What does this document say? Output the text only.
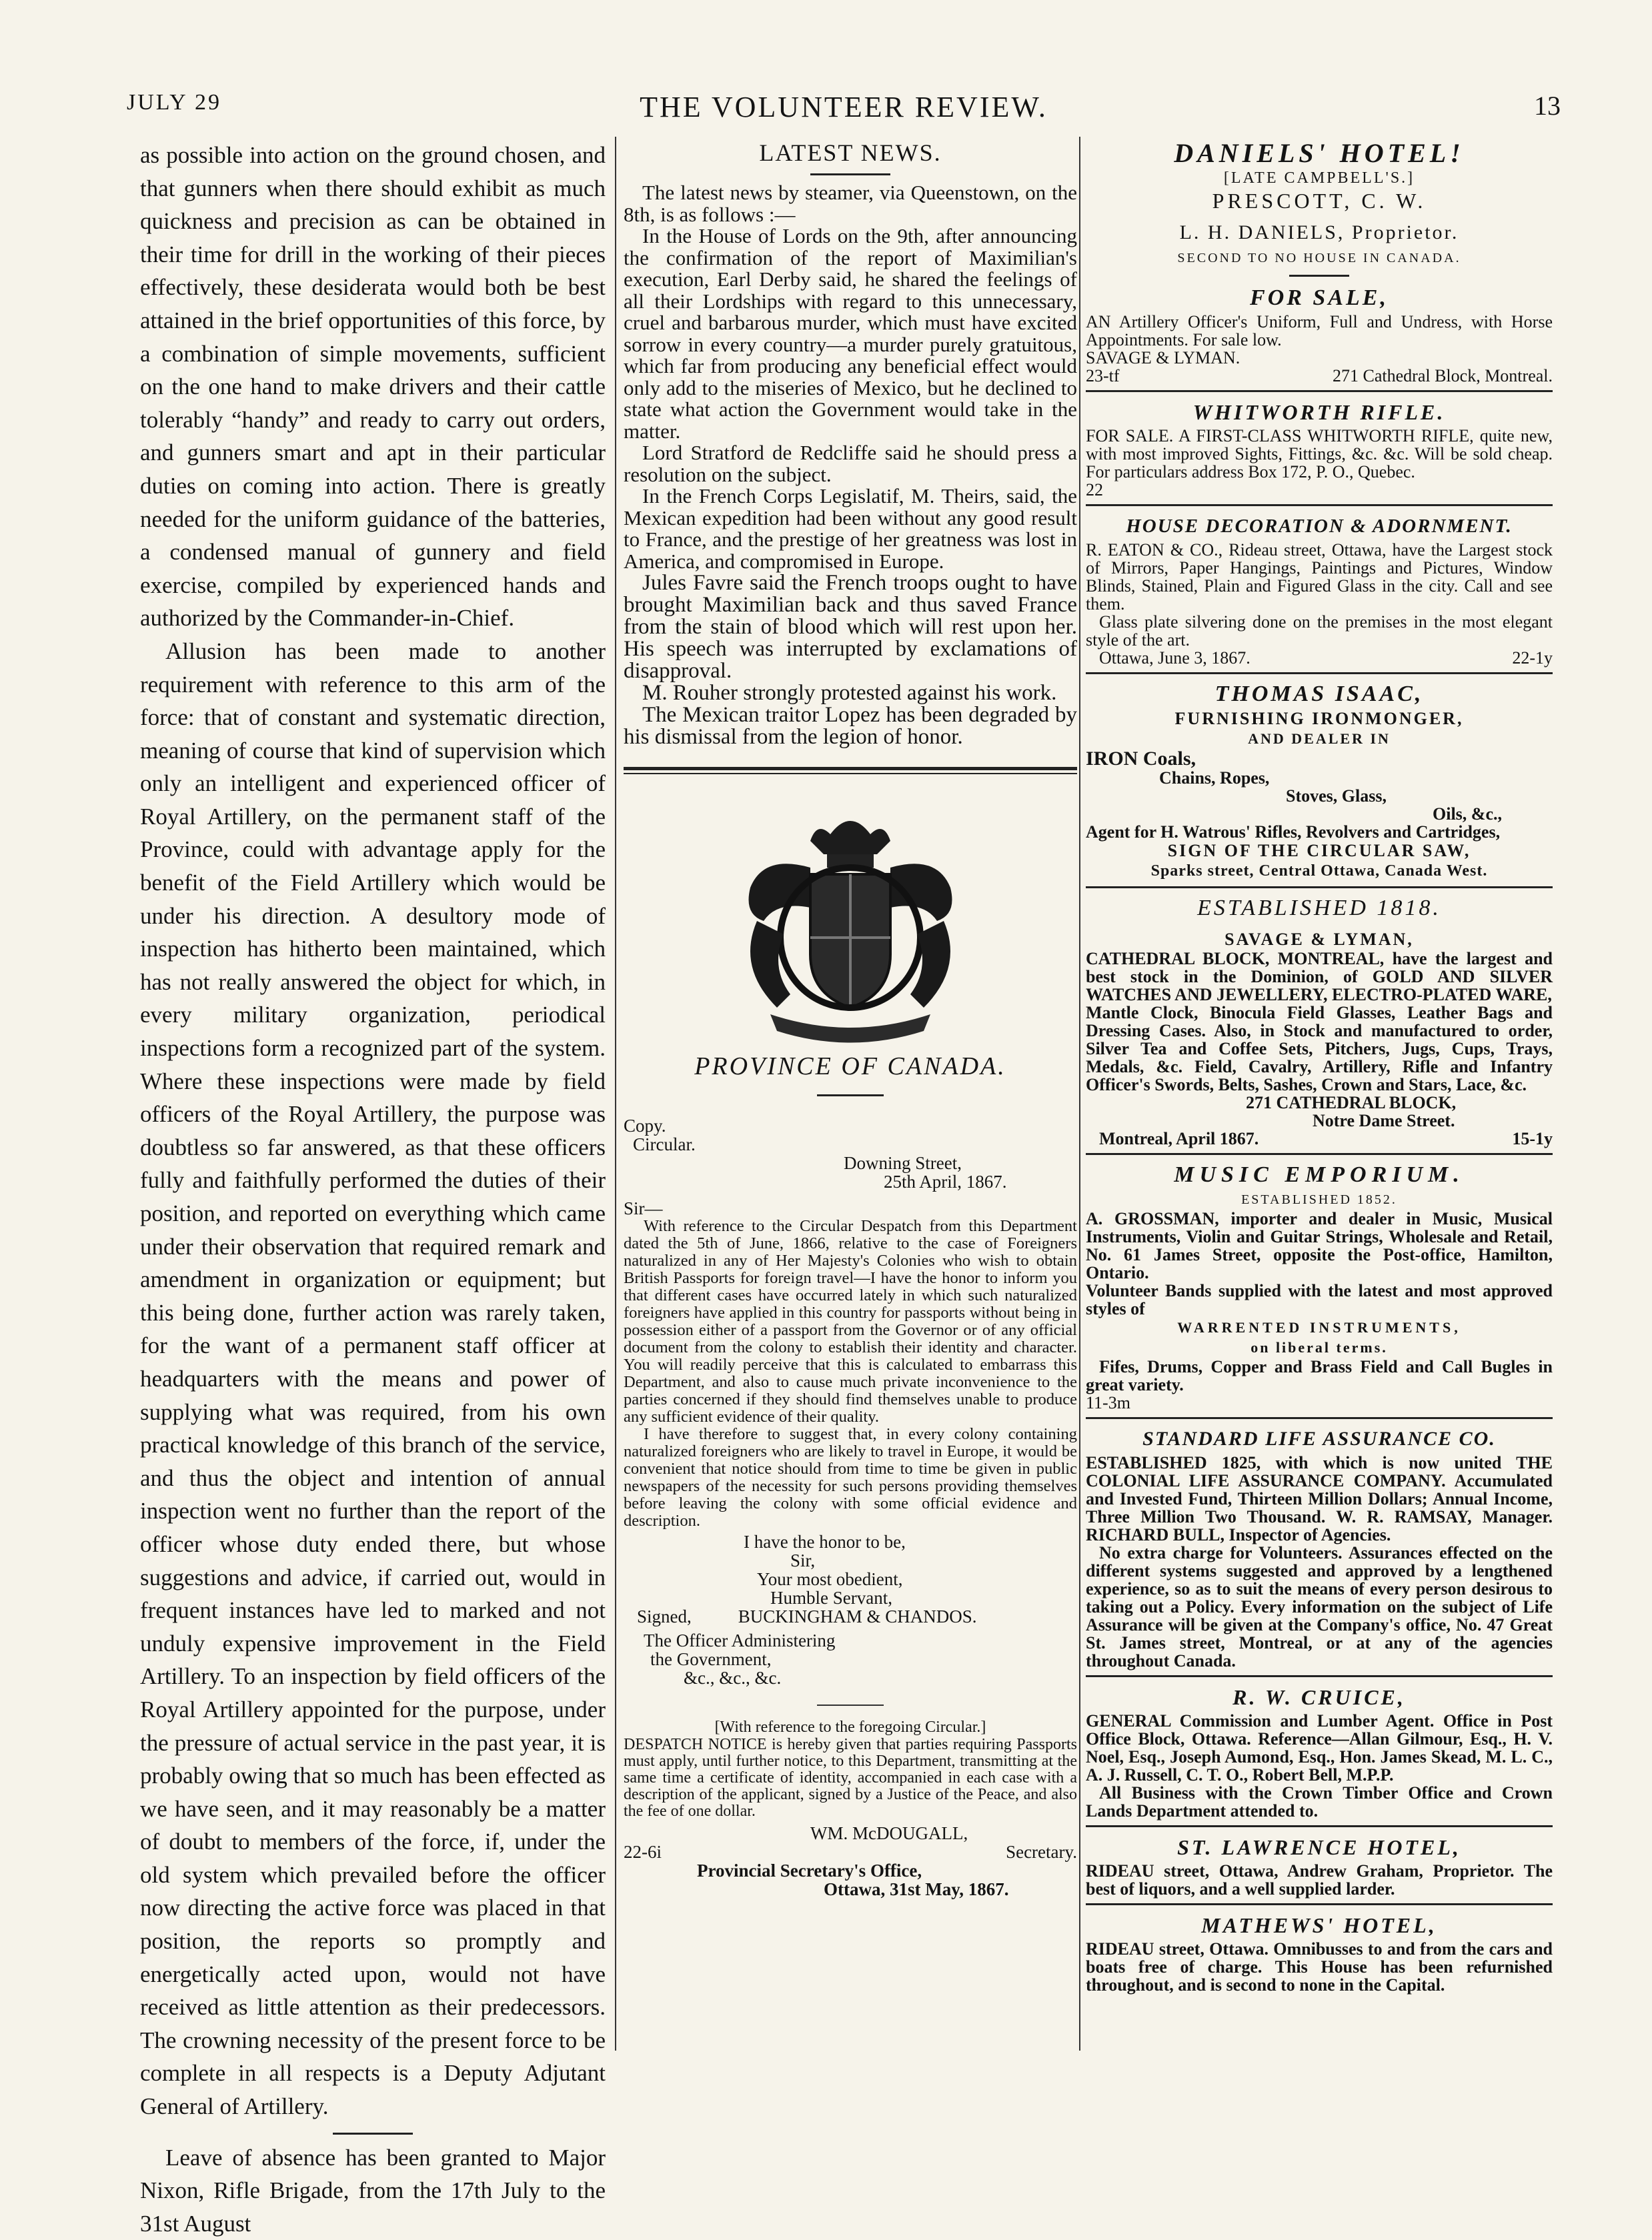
JULY 29	THE VOLUNTEER REVIEW.	13

as possible into action on the ground chosen, and that gunners when there should exhibit as much quickness and precision as can be obtained in their time for drill in the working of their pieces effectively, these desiderata would both be best attained in the brief opportunities of this force, by a combination of simple movements, sufficient on the one hand to make drivers and their cattle tolerably “handy” and ready to carry out orders, and gunners smart and apt in their particular duties on coming into action. There is greatly needed for the uniform guidance of the batteries, a condensed manual of gunnery and field exercise, compiled by experienced hands and authorized by the Commander-in-Chief.

Allusion has been made to another requirement with reference to this arm of the force: that of constant and systematic direction, meaning of course that kind of supervision which only an intelligent and experienced officer of Royal Artillery, on the permanent staff of the Province, could with advantage apply for the benefit of the Field Artillery which would be under his direction. A desultory mode of inspection has hitherto been maintained, which has not really answered the object for which, in every military organization, periodical inspections form a recognized part of the system. Where these inspections were made by field officers of the Royal Artillery, the purpose was doubtless so far answered, as that these officers fully and faithfully performed the duties of their position, and reported on everything which came under their observation that required remark and amendment in organization or equipment; but this being done, further action was rarely taken, for the want of a permanent staff officer at headquarters with the means and power of supplying what was required, from his own practical knowledge of this branch of the service, and thus the object and intention of annual inspection went no further than the report of the officer whose duty ended there, but whose suggestions and advice, if carried out, would in frequent instances have led to marked and not unduly expensive improvement in the Field Artillery. To an inspection by field officers of the Royal Artillery appointed for the purpose, under the pressure of actual service in the past year, it is probably owing that so much has been effected as we have seen, and it may reasonably be a matter of doubt to members of the force, if, under the old system which prevailed before the officer now directing the active force was placed in that position, the reports so promptly and energetically acted upon, would not have received as little attention as their predecessors. The crowning necessity of the present force to be complete in all respects is a Deputy Adjutant General of Artillery.

Leave of absence has been granted to Major Nixon, Rifle Brigade, from the 17th July to the 31st August

LATEST NEWS.

The latest news by steamer, via Queenstown, on the 8th, is as follows :—

In the House of Lords on the 9th, after announcing the confirmation of the report of Maximilian's execution, Earl Derby said, he shared the feelings of all their Lordships with regard to this unnecessary, cruel and barbarous murder, which must have excited sorrow in every country—a murder purely gratuitous, which far from producing any beneficial effect would only add to the miseries of Mexico, but he declined to state what action the Government would take in the matter.

Lord Stratford de Redcliffe said he should press a resolution on the subject.

In the French Corps Legislatif, M. Theirs, said, the Mexican expedition had been without any good result to France, and the prestige of her greatness was lost in America, and compromised in Europe.

Jules Favre said the French troops ought to have brought Maximilian back and thus saved France from the stain of blood which will rest upon her. His speech was interrupted by exclamations of disapproval.

M. Rouher strongly protested against his work.

The Mexican traitor Lopez has been degraded by his dismissal from the legion of honor.

PROVINCE OF CANADA.
Copy.
Circular.
Downing Street,
25th April, 1867.
Sir—

With reference to the Circular Despatch from this Department dated the 5th of June, 1866, relative to the case of Foreigners naturalized in any of Her Majesty's Colonies who wish to obtain British Passports for foreign travel—I have the honor to inform you that different cases have occurred lately in which such naturalized foreigners have applied in this country for passports without being in possession either of a passport from the Governor or of any official document from the colony to establish their identity and character. You will readily perceive that this is calculated to embarrass this Department, and also to cause much private inconvenience to the parties concerned if they should find themselves unable to produce any sufficient evidence of their quality.

I have therefore to suggest that, in every colony containing naturalized foreigners who are likely to travel in Europe, it would be convenient that notice should from time to time be given in public newspapers of the necessity for such persons providing themselves before leaving the colony with some official evidence and description.

I have the honor to be,
Sir,
Your most obedient,
Humble Servant,
Signed,	BUCKINGHAM & CHANDOS.
The Officer Administering
the Government,
&c., &c., &c.
[With reference to the foregoing Circular.]

DESPATCH NOTICE is hereby given that parties requiring Passports must apply, until further notice, to this Department, transmitting at the same time a certificate of identity, accompanied in each case with a description of the applicant, signed by a Justice of the Peace, and also the fee of one dollar.

WM. McDOUGALL,
22-6i	Secretary.
Provincial Secretary's Office,
Ottawa, 31st May, 1867.
DANIELS' HOTEL!
[LATE CAMPBELL'S.]
PRESCOTT, C. W.
L. H. DANIELS, Proprietor.
SECOND TO NO HOUSE IN CANADA.
FOR SALE,

AN Artillery Officer's Uniform, Full and Undress, with Horse Appointments. For sale low.

SAVAGE & LYMAN.
23-tf	271 Cathedral Block, Montreal.
WHITWORTH RIFLE.

FOR SALE. A FIRST-CLASS WHITWORTH RIFLE, quite new, with most improved Sights, Fittings, &c. &c. Will be sold cheap. For particulars address Box 172, P. O., Quebec.

22
HOUSE DECORATION & ADORNMENT.

R. EATON & CO., Rideau street, Ottawa, have the Largest stock of Mirrors, Paper Hangings, Paintings and Pictures, Window Blinds, Stained, Plain and Figured Glass in the city. Call and see them.

Glass plate silvering done on the premises in the most elegant style of the art.

Ottawa, June 3, 1867.	22-1y
THOMAS ISAAC,
FURNISHING IRONMONGER,
AND DEALER IN
IRON Coals,
Chains, Ropes,
Stoves, Glass,
Oils, &c.,

Agent for H. Watrous' Rifles, Revolvers and Cartridges,

SIGN OF THE CIRCULAR SAW,
Sparks street, Central Ottawa, Canada West.
ESTABLISHED 1818.
SAVAGE & LYMAN,

CATHEDRAL BLOCK, MONTREAL, have the largest and best stock in the Dominion, of GOLD AND SILVER WATCHES AND JEWELLERY, ELECTRO-PLATED WARE,

Mantle Clock, Binocula Field Glasses, Leather Bags and Dressing Cases. Also, in Stock and manufactured to order, Silver Tea and Coffee Sets, Pitchers, Jugs, Cups, Trays, Medals, &c. Field, Cavalry, Artillery, Rifle and Infantry Officer's Swords, Belts, Sashes, Crown and Stars, Lace, &c.

271 CATHEDRAL BLOCK,
Notre Dame Street.
Montreal, April 1867.	15-1y
MUSIC EMPORIUM.
ESTABLISHED 1852.

A. GROSSMAN, importer and dealer in Music, Musical Instruments, Violin and Guitar Strings, Wholesale and Retail, No. 61 James Street, opposite the Post-office, Hamilton, Ontario.

Volunteer Bands supplied with the latest and most approved styles of

WARRENTED INSTRUMENTS,
on liberal terms.

Fifes, Drums, Copper and Brass Field and Call Bugles in great variety.

11-3m
STANDARD LIFE ASSURANCE CO.

ESTABLISHED 1825, with which is now united THE COLONIAL LIFE ASSURANCE COMPANY. Accumulated and Invested Fund, Thirteen Million Dollars; Annual Income, Three Million Two Thousand. W. R. RAMSAY, Manager. RICHARD BULL, Inspector of Agencies.

No extra charge for Volunteers. Assurances effected on the different systems suggested and approved by a lengthened experience, so as to suit the means of every person desirous to taking out a Policy. Every information on the subject of Life Assurance will be given at the Company's office, No. 47 Great St. James street, Montreal, or at any of the agencies throughout Canada.

R. W. CRUICE,

GENERAL Commission and Lumber Agent. Office in Post Office Block, Ottawa. Reference—Allan Gilmour, Esq., H. V. Noel, Esq., Joseph Aumond, Esq., Hon. James Skead, M. L. C., A. J. Russell, C. T. O., Robert Bell, M.P.P.

All Business with the Crown Timber Office and Crown Lands Department attended to.

ST. LAWRENCE HOTEL,

RIDEAU street, Ottawa, Andrew Graham, Proprietor. The best of liquors, and a well supplied larder.

MATHEWS' HOTEL,

RIDEAU street, Ottawa. Omnibusses to and from the cars and boats free of charge. This House has been refurnished throughout, and is second to none in the Capital.
